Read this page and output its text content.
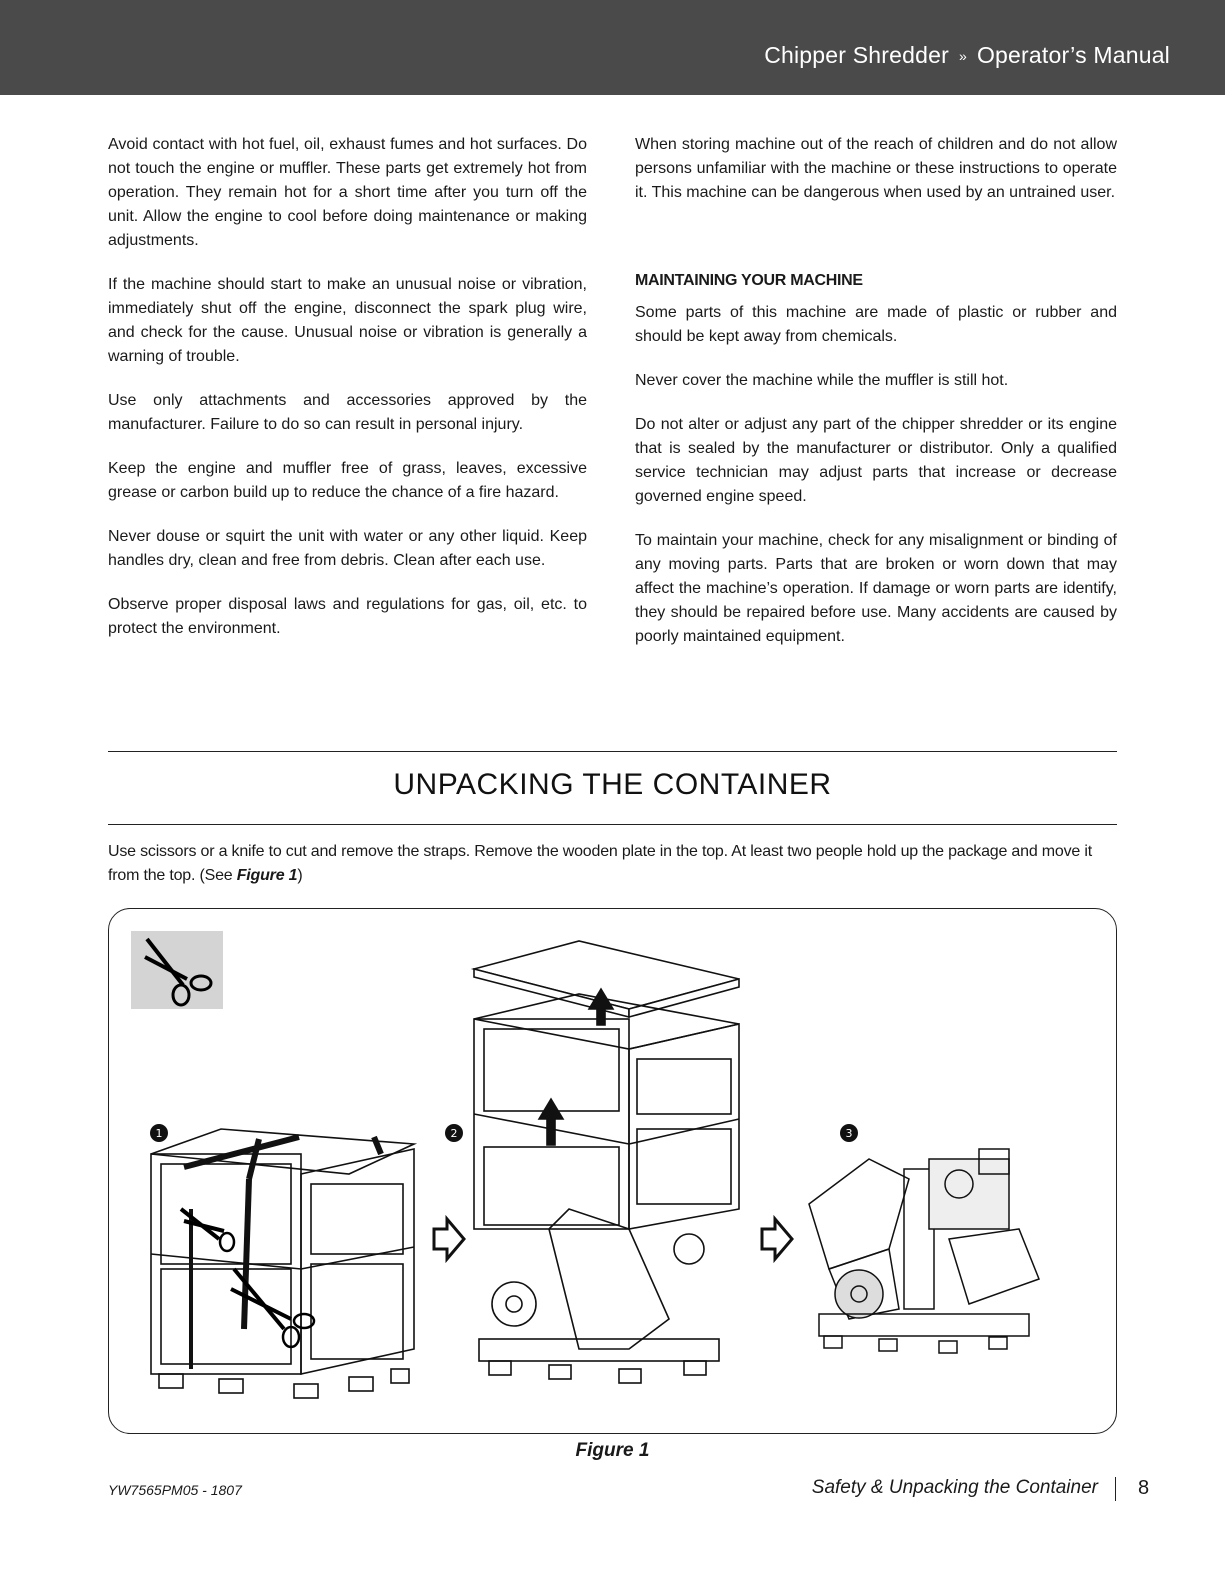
Chipper Shredder » Operator’s Manual

Avoid contact with hot fuel, oil, exhaust fumes and hot surfaces. Do not touch the engine or muffler. These parts get extremely hot from operation. They remain hot for a short time after you turn off the unit. Allow the engine to cool before doing maintenance or making adjustments.

If the machine should start to make an unusual noise or vibration, immediately shut off the engine, disconnect the spark plug wire, and check for the cause. Unusual noise or vibration is generally a warning of trouble.

Use only attachments and accessories approved by the manufacturer. Failure to do so can result in personal injury.

Keep the engine and muffler free of grass, leaves, excessive grease or carbon build up to reduce the chance of a fire hazard.

Never douse or squirt the unit with water or any other liquid. Keep handles dry, clean and free from debris. Clean after each use.

Observe proper disposal laws and regulations for gas, oil, etc. to protect the environment.

When storing machine out of the reach of children and do not allow persons unfamiliar with the machine or these instructions to operate it. This machine can be dangerous when used by an untrained user.

MAINTAINING YOUR MACHINE

Some parts of this machine are made of plastic or rubber and should be kept away from chemicals.

Never cover the machine while the muffler is still hot.

Do not alter or adjust any part of the chipper shredder or its engine that is sealed by the manufacturer or distributor. Only a qualified service technician may adjust parts that increase or decrease governed engine speed.

To maintain your machine, check for any misalignment or binding of any moving parts. Parts that are broken or worn down that may affect the machine’s operation. If damage or worn parts are identify, they should be repaired before use. Many accidents are caused by poorly maintained equipment.

UNPACKING THE CONTAINER
Use scissors or a knife to cut and remove the straps. Remove the wooden plate in the top. At least two people hold up the package and move it from the top. (See Figure 1)
1	2	3
Figure 1
YW7565PM05 - 1807	Safety & Unpacking the Container 8
